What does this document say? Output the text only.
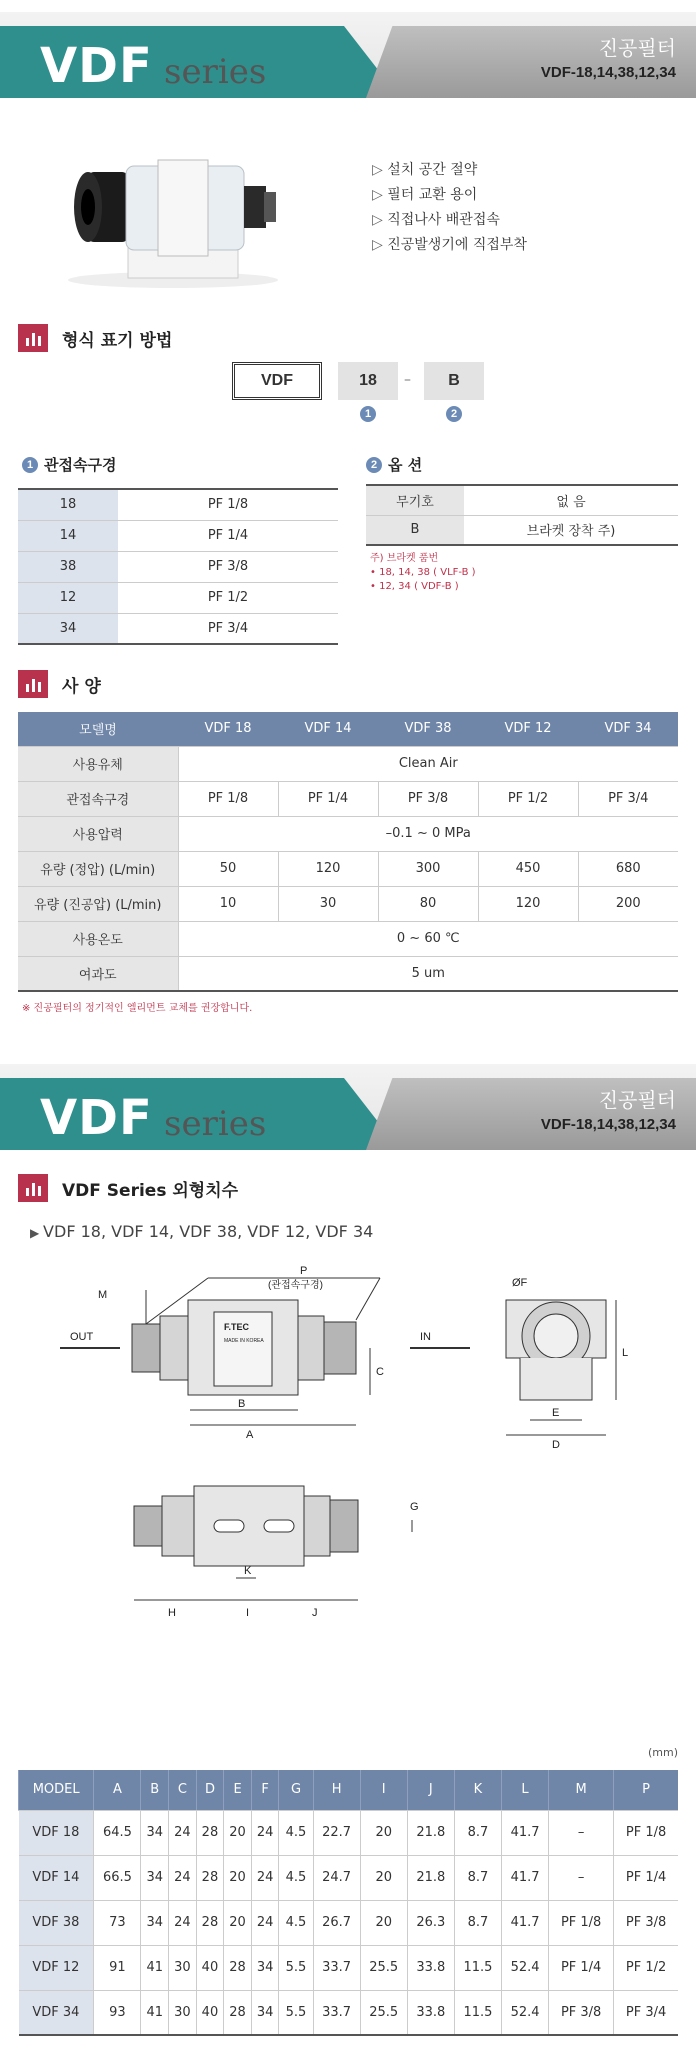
VDF series
진공필터
VDF-18,14,38,12,34
▷ 설치 공간 절약
▷ 필터 교환 용이
▷ 직접나사 배관접속
▷ 진공발생기에 직접부착
형식 표기 방법
VDF	18	–	B
1	2
1 관접속구경
18	PF 1/8
14	PF 1/4
38	PF 3/8
12	PF 1/2
34	PF 3/4
2 옵 션
무기호	없 음
B	브라켓 장착 주)
주) 브라켓 품번
• 18, 14, 38 ( VLF-B )
• 12, 34 ( VDF-B )
사 양
모델명	VDF 18	VDF 14	VDF 38	VDF 12	VDF 34
사용유체	Clean Air				
관접속구경	PF 1/8	PF 1/4	PF 3/8	PF 1/2	PF 3/4
사용압력	–0.1 ~ 0 MPa				
유량 (정압) (L/min)	50	120	300	450	680
유량 (진공압) (L/min)	10	30	80	120	200
사용온도	0 ~ 60 ℃				
여과도	5 um				
※ 진공필터의 정기적인 엘리먼트 교체를 권장합니다.
VDF series
진공필터
VDF-18,14,38,12,34
VDF Series 외형치수
▶ VDF 18, VDF 14, VDF 38, VDF 12, VDF 34
P
(관접속구경)
M
OUT	IN
C
B
A
F.TEC
MADE IN KOREA
ØF
L
E
D
G
K
H	I	J
(mm)
MODEL	A	B	C	D	E	F	G	H	I	J	K	L	M	P
VDF 18	64.5	34	24	28	20	24	4.5	22.7	20	21.8	8.7	41.7	–	PF 1/8
VDF 14	66.5	34	24	28	20	24	4.5	24.7	20	21.8	8.7	41.7	–	PF 1/4
VDF 38	73	34	24	28	20	24	4.5	26.7	20	26.3	8.7	41.7	PF 1/8	PF 3/8
VDF 12	91	41	30	40	28	34	5.5	33.7	25.5	33.8	11.5	52.4	PF 1/4	PF 1/2
VDF 34	93	41	30	40	28	34	5.5	33.7	25.5	33.8	11.5	52.4	PF 3/8	PF 3/4
